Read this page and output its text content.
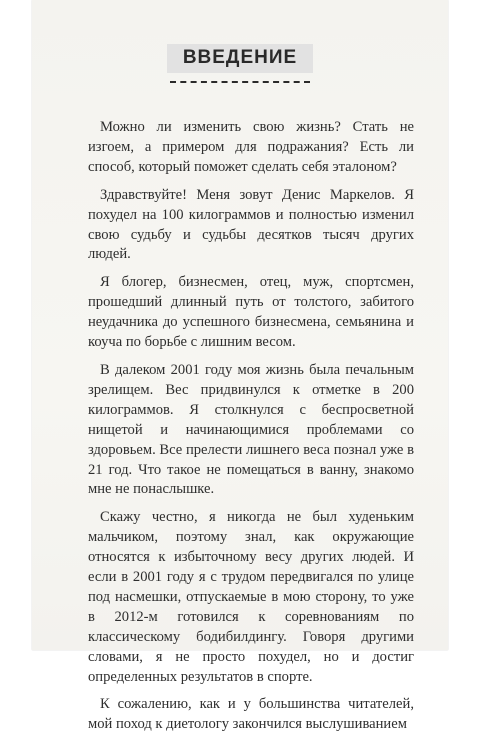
ВВЕДЕНИЕ

Можно ли изменить свою жизнь? Стать не изгоем, а примером для подражания? Есть ли способ, который поможет сделать себя эталоном?

Здравствуйте! Меня зовут Денис Маркелов. Я похудел на 100 килограммов и полностью изменил свою судьбу и судьбы десятков тысяч других людей.

Я блогер, бизнесмен, отец, муж, спортсмен, прошедший длинный путь от толстого, забитого неудачника до успешного бизнесмена, семьянина и коуча по борьбе с лишним весом.

В далеком 2001 году моя жизнь была печальным зрелищем. Вес придвинулся к отметке в 200 килограммов. Я столкнулся с беспросветной нищетой и начинающимися проблемами со здоровьем. Все прелести лишнего веса познал уже в 21 год. Что такое не помещаться в ванну, знакомо мне не понаслышке.

Скажу честно, я никогда не был худеньким мальчиком, поэтому знал, как окружающие относятся к избыточному весу других людей. И если в 2001 году я с трудом передвигался по улице под насмешки, отпускаемые в мою сторону, то уже в 2012-м готовился к соревнованиям по классическому бодибилдингу. Говоря другими словами, я не просто похудел, но и достиг определенных результатов в спорте.

К сожалению, как и у большинства читателей, мой поход к диетологу закончился выслушиванием
